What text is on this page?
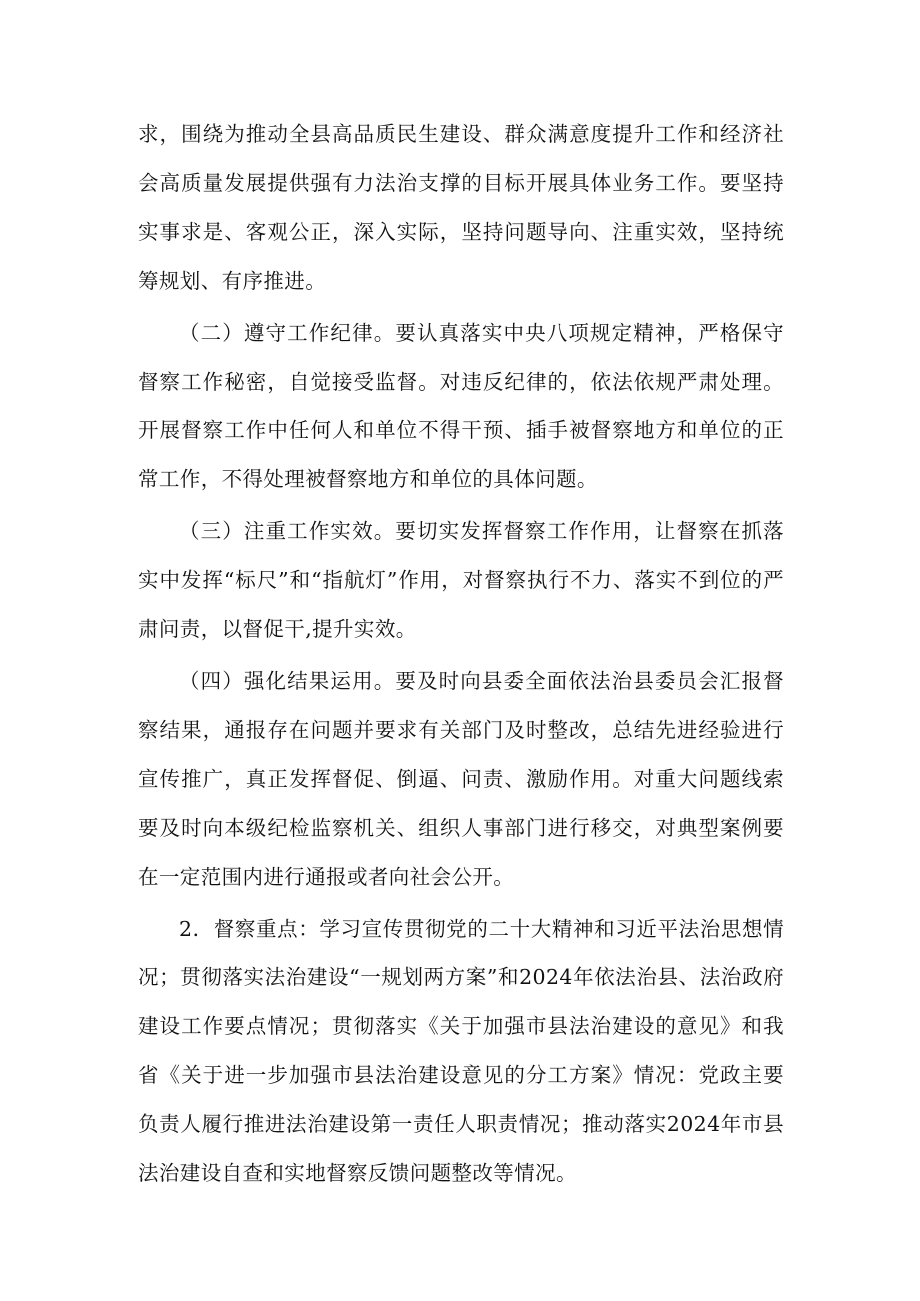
求，围绕为推动全县高品质民生建设、群众满意度提升工作和经济社会高质量发展提供强有力法治支撑的目标开展具体业务工作。要坚持实事求是、客观公正，深入实际，坚持问题导向、注重实效，坚持统筹规划、有序推进。

（二）遵守工作纪律。要认真落实中央八项规定精神，严格保守督察工作秘密，自觉接受监督。对违反纪律的，依法依规严肃处理。开展督察工作中任何人和单位不得干预、插手被督察地方和单位的正常工作，不得处理被督察地方和单位的具体问题。

（三）注重工作实效。要切实发挥督察工作作用，让督察在抓落实中发挥“标尺”和“指航灯”作用，对督察执行不力、落实不到位的严肃问责，以督促干,提升实效。

（四）强化结果运用。要及时向县委全面依法治县委员会汇报督察结果，通报存在问题并要求有关部门及时整改，总结先进经验进行宣传推广，真正发挥督促、倒逼、问责、激励作用。对重大问题线索要及时向本级纪检监察机关、组织人事部门进行移交，对典型案例要在一定范围内进行通报或者向社会公开。

2．督察重点：学习宣传贯彻党的二十大精神和习近平法治思想情况；贯彻落实法治建设“一规划两方案”和2024年依法治县、法治政府建设工作要点情况；贯彻落实《关于加强市县法治建设的意见》和我省《关于进一步加强市县法治建设意见的分工方案》情况：党政主要负责人履行推进法治建设第一责任人职责情况；推动落实2024年市县法治建设自查和实地督察反馈问题整改等情况。
